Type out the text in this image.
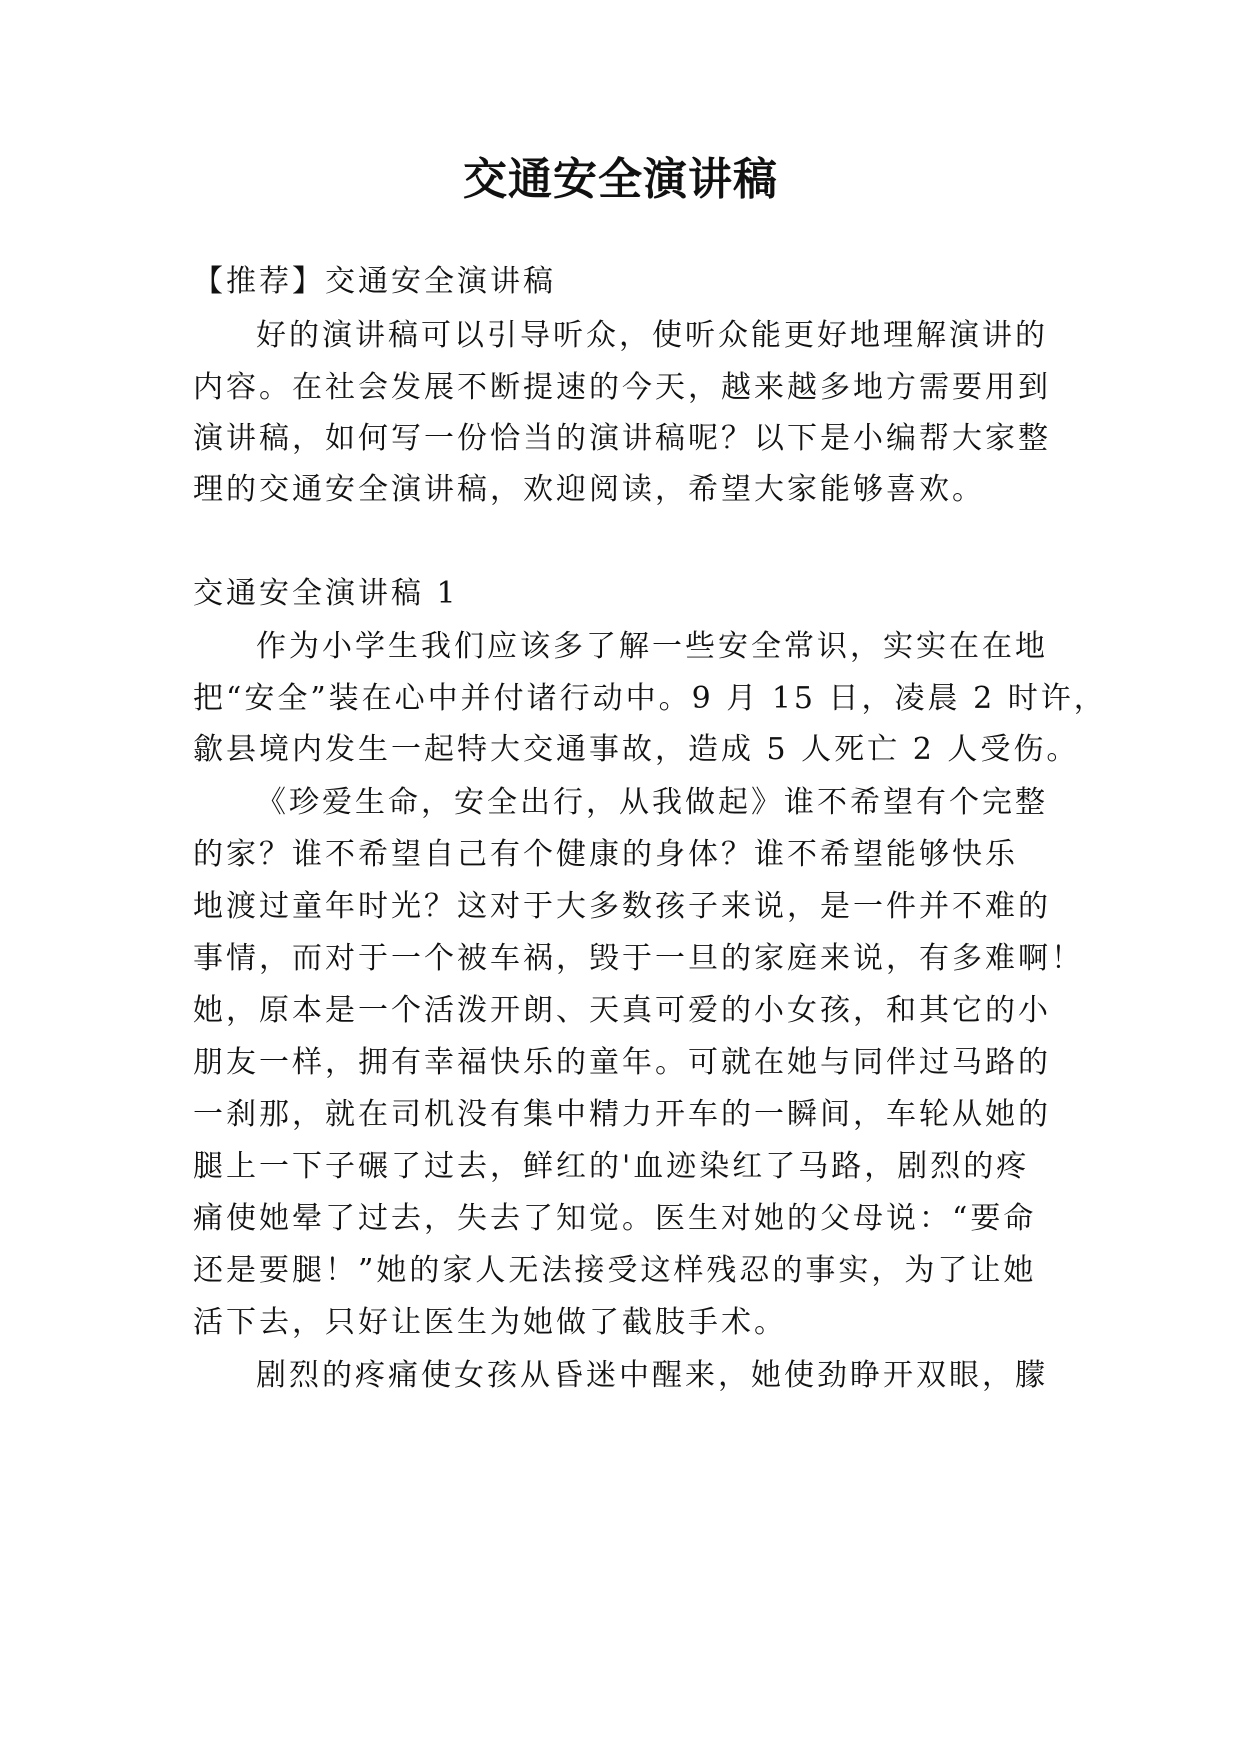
交通安全演讲稿
【推荐】交通安全演讲稿
好的演讲稿可以引导听众，使听众能更好地理解演讲的
内容。在社会发展不断提速的今天，越来越多地方需要用到
演讲稿，如何写一份恰当的演讲稿呢？以下是小编帮大家整
理的交通安全演讲稿，欢迎阅读，希望大家能够喜欢。
交通安全演讲稿 1
作为小学生我们应该多了解一些安全常识，实实在在地
把“安全”装在心中并付诸行动中。9 月 15 日，凌晨 2 时许，
歙县境内发生一起特大交通事故，造成 5 人死亡 2 人受伤。
《珍爱生命，安全出行，从我做起》谁不希望有个完整
的家？谁不希望自己有个健康的身体？谁不希望能够快乐
地渡过童年时光？这对于大多数孩子来说，是一件并不难的
事情，而对于一个被车祸，毁于一旦的家庭来说，有多难啊！
她，原本是一个活泼开朗、天真可爱的小女孩，和其它的小
朋友一样，拥有幸福快乐的童年。可就在她与同伴过马路的
一刹那，就在司机没有集中精力开车的一瞬间，车轮从她的
腿上一下子碾了过去，鲜红的'血迹染红了马路，剧烈的疼
痛使她晕了过去，失去了知觉。医生对她的父母说：“要命
还是要腿！”她的家人无法接受这样残忍的事实，为了让她
活下去，只好让医生为她做了截肢手术。
剧烈的疼痛使女孩从昏迷中醒来，她使劲睁开双眼，朦
